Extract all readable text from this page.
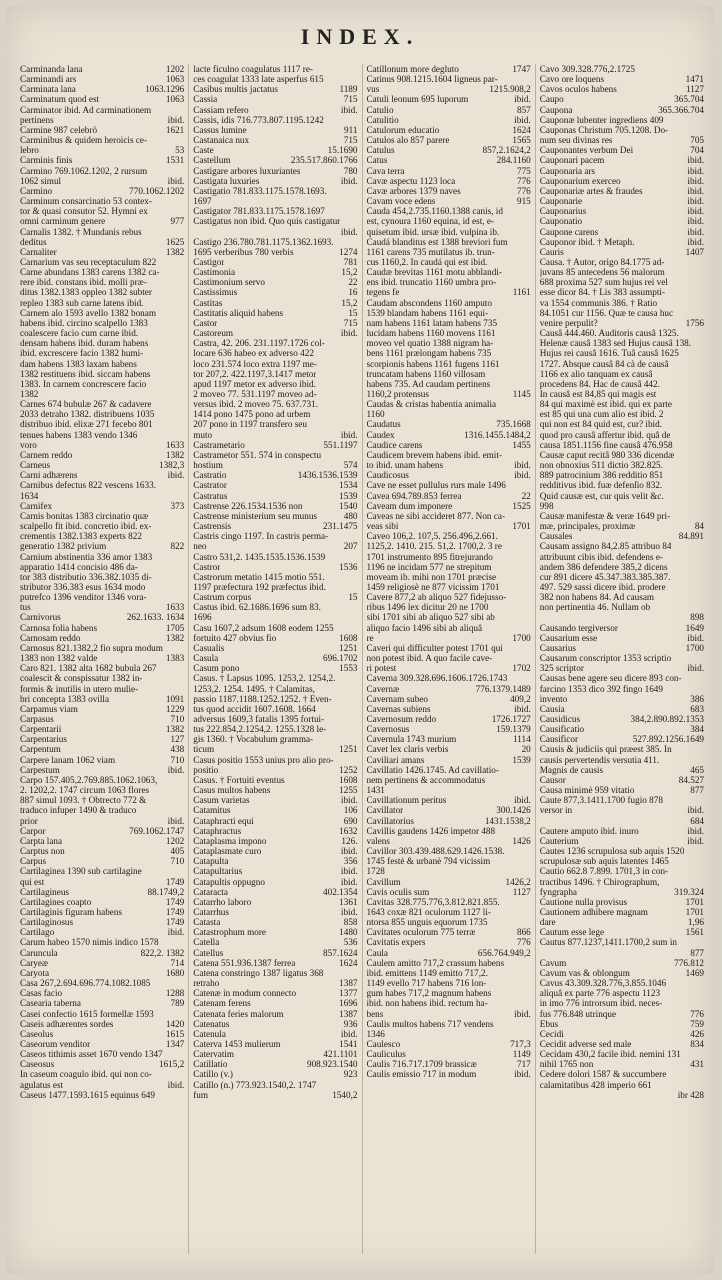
INDEX.
Carminanda lana	1202
Carminandi ars	1063
Carminata lana	1063.1296
Carminatum quod est	1063
Carminator ibid. Ad carminationem
pertinens	ibid.
Carmine 987 celebrö	1621
Carminibus & quidem heroicis ce-
lebro	53
Carminis finis	1531
Carmino 769.1062.1202, 2 rursum
1062 simul	ibid.
Carmino	770.1062.1202
Carminum consarcinatio 53 contex-
tor & quasi consutor 52. Hymni ex
omni carminum genere	977
Carnalis 1382. † Mundanis rebus
deditus	1625
Carnaliter	1382
Carnarium vas seu receptaculum 822
Carne abundans 1383 carens 1382 ca-
rere ibid. constans ibid. molli præ-
ditus 1382.1383 oppleo 1382 subter
repleo 1383 sub carne latens ibid.
Carnem alo 1593 avello 1382 bonam
habens ibid. circino scalpello 1383
coalescere facio cum carne ibid.
densam habens ibid. duram habens
ibid. excrescere facio 1382 humi-
dam habens 1383 laxam habens
1382 restituens ibid. siccam habens
1383. In carnem concrescere facio
1382
Carnes 674 bubulæ 267 & cadavere
2033 detraho 1382. distribuens 1035
distribuo ibid. elixæ 271 fecebo 801
tenues habens 1383 vendo 1346
voro	1633
Carnem reddo	1382
Carneus	1382,3
Carni adhærens	ibid.
Carnibus defectus 822 vescens 1633.
1634
Carnifex	373
Carnis bonitas 1383 circinatio quæ
scalpello fit ibid. concretio ibid. ex-
crementis 1382.1383 experts 822
generatio 1382 privium	822
Carnium abstinentia 336 amor 1383
apparatio 1414 concisio 486 da-
tor 383 distributio 336.382.1035 di-
stributor 336.383 esus 1634 modo
putrefco 1396 venditor 1346 vora-
tus	1633
Carnivorus	262.1633. 1634
Carnosa folia habens	1705
Carnosam reddo	1382
Carnosus 821.1382,2 fio supra modum
1383 non 1382 valde	1383
Caro 821. 1382 alta 1682 bubula 267
coalescit & conspissatur 1382 in-
formis & inutilis in utero mulie-
bri concepta 1383 ovilla	1091
Carpamus viam	1229
Carpasus	710
Carpentarii	1382
Carpentarius	127
Carpentum	438
Carpere lanam 1062 viam	710
Carpestum	ibid.
Carpo 157.405,2.769.885.1062.1063,
2. 1202,2. 1747 circum 1063 flores
887 simul 1093. † Obtrecto 772 &
traduco infuper 1490 & traduco
prior	ibid.
Carpor	769.1062.1747
Carpta lana	1202
Carptus non	405
Carpus	710
Cartilaginea 1390 sub cartilagine
qui est	1749
Cartilagineus	88.1749,2
Cartilagines coapto	1749
Cartilaginis figuram habens	1749
Cartilaginosus	1749
Cartilago	ibid.
Carum habeo 1570 nimis indico 1578
Caruncula	822,2. 1382
Caryeæ	714
Caryota	1680
Casa 267,2.694.696.774.1082.1085
Casas facio	1288
Casearia taberna	789
Casei confectio 1615 formellæ 1593
Caseis adhærentes sordes	1420
Caseolus	1615
Caseorum venditor	1347
Caseos tithimis asset 1670 vendo 1347
Caseosus	1615,2
In caseum coagulo ibid. qui non co-
agulatus est	ibid.
Caseus 1477.1593.1615 equinus 649
lacte ficulno coagulatus 1117 re-
ces coagulat 1333 late asperfus 615
Casibus multis jactatus	1189
Cassia	715
Cassiam refero	ibid.
Cassis, idis 716.773.807.1195.1242
Cassus lumine	911
Castanaica nux	715
Caste	15.1690
Castellum	235.517.860.1766
Castigare arbores luxuriantes	780
Castigata luxuries	ibid.
Castigatio 781.833.1175.1578.1693.
1697
Castigator 781.833.1175.1578.1697
Castigatus non ibid. Quo quis castigatur
ibid.
Castigo 236.780.781.1175.1362.1693.
1695 verberibus 780 verbis	1274
Castigor	781
Castimonia	15,2
Castimonium servo	22
Castissimus	16
Castitas	15,2
Castitatis aliquid habens	15
Castor	715
Castoreum	ibid.
Castra, 42. 206. 231.1197.1726 col-
locare 636 habeo ex adverso 422
loco 231.574 loco extra 1197 me-
tor 207,2. 422.1197,3.1417 metor
apud 1197 metor ex adverso ibid.
2 moveo 77. 531.1197 moveo ad-
versus ibid. 2 moveo 75. 637.731.
1414 pono 1475 pono ad urbem
207 pono in 1197 transfero seu
muto	ibid.
Castrametario	551.1197
Castrametor 551. 574 in conspectu
hostium	574
Castratio	1436.1536.1539
Castrator	1534
Castratus	1539
Castrense 226.1534.1536 non	1540
Castrense ministerium seu munus	480
Castrensis	231.1475
Castris cingo 1197. In castris perma-
neo	207
Castro 531,2. 1435.1535.1536.1539
Castror	1536
Castrorum metatio 1415 motio 551.
1197 præfectura 192 præfectus ibid.
Castrum corpus	15
Castus ibid. 62.1686.1696 sum 83.
1696
Casu 1607,2 adsum 1608 eodem 1255
fortuito 427 obvius fio	1608
Casualis	1251
Casula	696.1702
Casum pono	1553
Casus. † Lapsus 1095. 1253,2. 1254,2.
1253,2. 1254. 1495. † Calamitas,
passio 1187.1188.1252.1252. † Even-
tus quod accidit 1607.1608. 1664
adversus 1609,3 fatalis 1395 fortui-
tus 222.854,2.1254,2. 1255.1328 le-
gis 1360. † Vocabulum gramma-
ticum	1251
Casus positio 1553 unius pro alio pro-
positio	1252
Casus. † Fortuiti eventus	1608
Casus multos habens	1255
Casum varietas	ibid.
Catamitus	106
Cataphracti equi	690
Cataphractus	1632
Cataplasma impono	126.
Cataplasmate curo	ibid.
Catapulta	356
Catapultarius	ibid.
Catapultis oppugno	ibid.
Cataracta	402.1354
Catarrho laboro	1361
Catarrhus	ibid.
Catasta	858
Catastrophum more	1480
Catella	536
Catellus	857.1624
Catena 551.936.1387 ferrea	1624
Catena constringo 1387 ligatus 368
retraho	1387
Catenæ in modum connecto	1377
Catenam ferens	1696
Catenata feries malorum	1387
Catenatus	936
Catenula	ibid.
Caterva 1453 mulierum	1541
Catervatim	421.1101
Catillatio	908.923.1540
Catillo (v.)	923
Catillo (n.) 773.923.1540,2. 1747
fum	1540,2
Catillonum more degluto	1747
Catinus 908.1215.1604 ligneus par-
vus	1215.908,2
Catuli leonum 695 luporum	ibid.
Catulio	857
Catulitio	ibid.
Catulorum educatio	1624
Catulos alo 857 parere	1565
Catulus	857,2.1624,2
Catus	284.1160
Cava terra	775
Cavæ aspectu 1123 loca	776
Cavæ arbores 1379 naves	776
Cavam voce edens	915
Cauda 454,2.735.1160.1388 canis, id
est, cynoura 1160 equina, id est, e-
quisetum ibid. ursæ ibid. vulpina ib.
Caudá blanditus est 1388 breviori fum
1161 carens 735 mutilatus ib. trun-
cus 1160,2. In caudá qui est ibid.
Caudæ brevitas 1161 motu abblandi-
ens ibid. truncatio 1160 umbra pro-
tegens fe	1161
Caudam abscondens 1160 amputo
1539 blandam habens 1161 equi-
nam habens 1161 latam habens 735
lucidam habens 1160 movens 1161
moveo vel quatio 1388 nigram ha-
bens 1161 prælongam habens 735
scorpionis habens 1161 fugens 1161
truncatam habens 1160 villosam
habens 735. Ad caudam pertinens
1160,2 protensus	1145
Caudas & cristas habentia animalia
1160
Caudatus	735.1668
Caudex	1316.1455.1484,2
Caudice carens	1455
Caudicem brevem habens ibid. emit-
to ibid. unam habens	ibid.
Caudicosus	ibid.
Cave ne esset pullulus rurs male 1496
Cavea 694.789.853 ferrea	22
Caveam dum imponere	1525
Caveas ne sibi accideret 877. Non ca-
veas sibi	1701
Caveo 106,2. 107,5. 256.496,2.661.
1125,2. 1410. 215. 51,2. 1700,2. 3 re
1701 instrumento 895 fitrejurando
1196 ne incidam 577 ne strepitum
moveam ib. mihi non 1701 præcise
1459 religiosè ne 877 vicissim 1701
Cavere 877,2 ab aliquo 527 fidejusso-
ribus 1496 lex dicitur 20 ne 1700
sibi 1701 sibi ab aliquo 527 sibi ab
aliquo facio 1496 sibi ab aliquâ
re	1700
Caveri qui difficulter potest 1701 qui
non potest ibid. A quo facile cave-
ri potest	1702
Caverna 309.328.696.1606.1726.1743
Cavernæ	776.1379.1489
Cavernam subeo	409,2
Cavernas subiens	ibid.
Cavernosum reddo	1726.1727
Cavernosus	159.1379
Cavernula 1743 murium	1114
Cavet lex claris verbis	20
Caviliari amans	1539
Cavillatio 1426.1745. Ad cavillatio-
nem pertinens & accommodatus
1431
Cavillationum peritus	ibid.
Cavillator	300.1426
Cavillatorius	1431.1538,2
Cavillis gaudens 1426 impetor 488
valens	1426
Cavillor 303.439.488.629.1426.1538.
1745 festè & urbanè 794 vicissim
1728
Cavillum	1426,2
Cavis oculis sum	1127
Cavitas 328.775.776,3.812.821.855.
1643 coxæ 821 oculorum 1127 li-
ntorsa 855 unguis equorum 1735
Cavitates oculorum 775 terræ	866
Cavitatis expers	776
Caula	656.764.949,2
Caulem amitto 717,2 crassum habens
ibid. emittens 1149 emitto 717,2.
1149 evello 717 habens 716 lon-
gum habes 717,2 magnum habens
ibid. non habens ibid. rectum ha-
bens	ibid.
Caulis multos habens 717 vendens
1346
Caulesco	717,3
Cauliculus	1149
Caulis 716.717.1709 brassicæ	717
Caulis emissio 717 in modum	ibid.
Cavo 309.328.776,2.1725
Cavo ore loquens	1471
Cavos oculos habens	1127
Caupo	365.704
Caupona	365.366.704
Cauponæ lubenter ingrediens 409
Cauponas Christum 705.1208. Do-
num seu divinas res	705
Cauponantes verbum Dei	704
Cauponari pacem	ibid.
Cauponaria ars	ibid.
Cauponarium exerceo	ibid.
Cauponariæ artes & fraudes	ibid.
Cauponarie	ibid.
Cauponarius	ibid.
Cauponatio	ibid.
Caupone carens	ibid.
Cauponor ibid. † Metaph.	ibid.
Cauris	1407
Causa. † Autor, origo 84.1775 ad-
juvans 85 antecedens 56 malorum
688 proxima 527 sum hujus rei vel
esse dicor 84. † Lis 383 assumpti-
va 1554 communis 386. † Ratio
84.1051 cur 1156. Quæ te causa huc
venire perpulit?	1756
Causâ 444.460. Auditoris causâ 1325.
Helenæ causâ 1383 sed Hujus causâ 138.
Hujus rei causâ 1616. Tuâ causâ 1625
1727. Absque causâ 84 cà de causâ
1166 ex alio tanquam ex causâ
procedens 84. Hac de causâ 442.
In causâ est 84,85 qui magis est
84 qui maximè est ibid. qui ex parte
est 85 qui una cum alio est ibid. 2
qui non est 84 quid est, cur? ibid.
quod pro causâ affertur ibid. quâ de
causa 1851.1156 fine causâ 476.958
Causæ caput recitâ 980 336 dicendæ
non obnoxius 511 dictio 382.825.
889 patrocinium 386 redditio 851
redditivus ibid. fuæ defenſio 832.
Quid causæ est, cur quis velit &c.
998
Causæ manifestæ & veræ 1649 pri-
mæ, principales, proximæ	84
Causales	84.891
Causam assigno 84,2.85 attribuo 84
attribuunt cibis ibid. defendens e-
andem 386 defendere 385,2 dicens
cur 891 dicere 45.347.383.385.387.
497. 529 sassi dicere ibid. prodere
382 non habens 84. Ad causam
non pertinentia 46. Nullam ob
898
Causando tergiversor	1649
Causarium esse	ibid.
Causarius	1700
Causarum conscriptor 1353 scriptio
325 scriptor	ibid.
Causas bene agere seu dicere 893 con-
farcino 1353 dico 392 fingo 1649
invento	386
Causia	683
Causidicus	384,2.890.892.1353
Causificatio	384
Causificor	527.892.1256.1649
Causis & judiciis qui præest 385. In
causis pervertendis versutia 411.
Magnis de causis	465
Causor	84.527
Causa minimè 959 vitatio	877
Caute 877,3.1411.1700 fugio 878
versor in	ibid.
684
Cautere amputo ibid. inuro	ibid.
Cauterium	ibid.
Cautes 1236 scrupulosa sub aquis 1520
scrupulosæ sub aquis latentes 1465
Cautio 662.8 7.899. 1701,3 in con-
tractibus 1496. † Chirographum,
fyngrapha	319.324
Cautione nulla provisus	1701
Cautionem adhibere magnam	1701
dare	1,96
Cautum esse lege	1561
Cautus 877.1237,1411.1700,2 sum in
877
Cavum	776.812
Cavum vas & oblongum	1469
Cavus 43.309.328.776,3.855.1046
aliquâ ex parte 776 aspectu 1123
in imo 776 introrsum ibid. neces-
fus 776.848 utrinque	776
Ebus	759
Cecidi	426
Cecidit adverse sed male	834
Cecidam 430,2 facile ibid. nemini 131
nihil 1765 non	431
Cedere dolori 1587 & succumbere
calamitatibus 428 imperio 661
ibr 428
